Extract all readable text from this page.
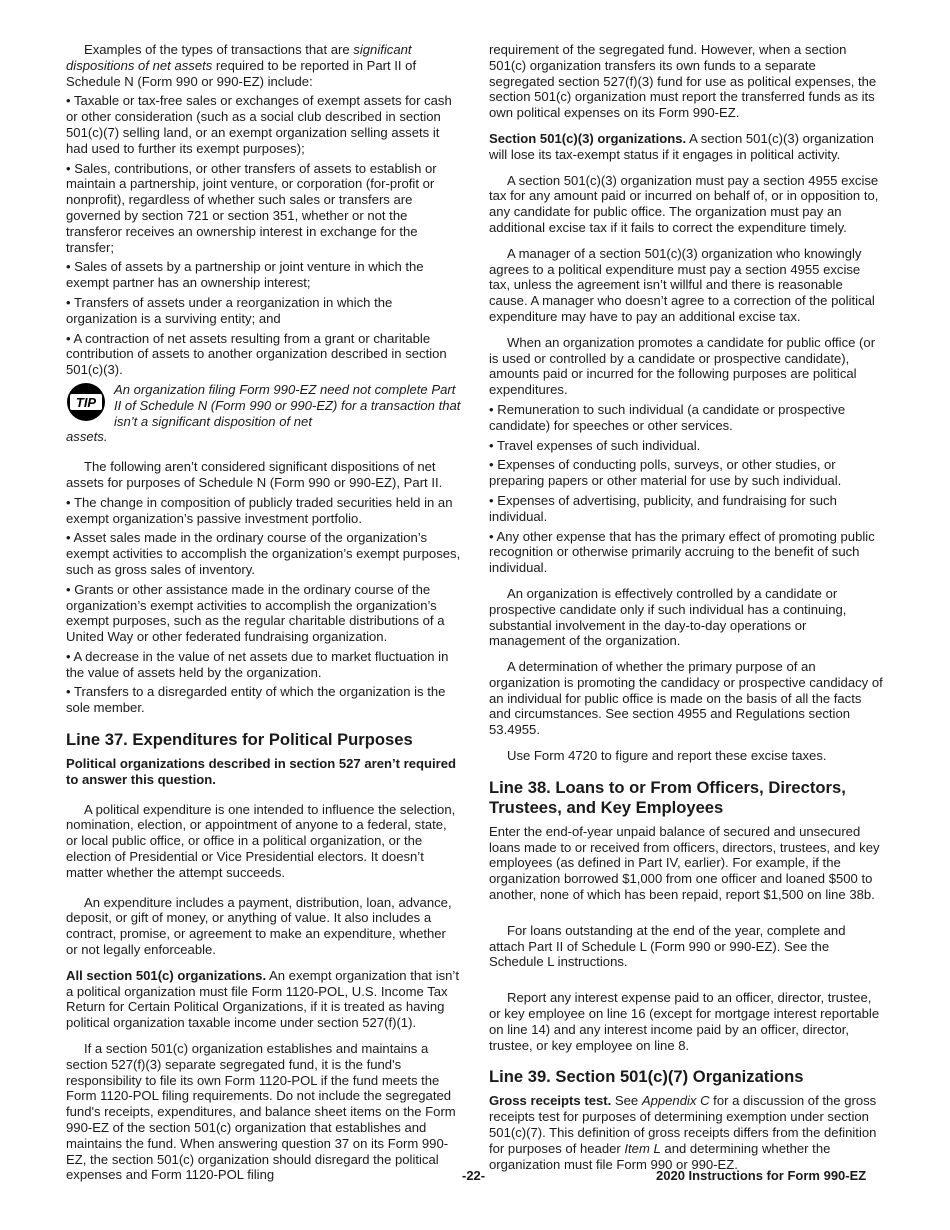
Examples of the types of transactions that are significant dispositions of net assets required to be reported in Part II of Schedule N (Form 990 or 990-EZ) include:

• Taxable or tax-free sales or exchanges of exempt assets for cash or other consideration (such as a social club described in section 501(c)(7) selling land, or an exempt organization selling assets it had used to further its exempt purposes);

• Sales, contributions, or other transfers of assets to establish or maintain a partnership, joint venture, or corporation (for-profit or nonprofit), regardless of whether such sales or transfers are governed by section 721 or section 351, whether or not the transferor receives an ownership interest in exchange for the transfer;

• Sales of assets by a partnership or joint venture in which the exempt partner has an ownership interest;

• Transfers of assets under a reorganization in which the organization is a surviving entity; and

• A contraction of net assets resulting from a grant or charitable contribution of assets to another organization described in section 501(c)(3).

TIP
An organization filing Form 990-EZ need not complete Part II of Schedule N (Form 990 or 990-EZ) for a transaction that isn’t a significant disposition of net
assets.

The following aren’t considered significant dispositions of net assets for purposes of Schedule N (Form 990 or 990-EZ), Part II.

• The change in composition of publicly traded securities held in an exempt organization’s passive investment portfolio.

• Asset sales made in the ordinary course of the organization’s exempt activities to accomplish the organization’s exempt purposes, such as gross sales of inventory.

• Grants or other assistance made in the ordinary course of the organization’s exempt activities to accomplish the organization’s exempt purposes, such as the regular charitable distributions of a United Way or other federated fundraising organization.

• A decrease in the value of net assets due to market fluctuation in the value of assets held by the organization.

• Transfers to a disregarded entity of which the organization is the sole member.

Line 37. Expenditures for Political Purposes

Political organizations described in section 527 aren’t required to answer this question.

A political expenditure is one intended to influence the selection, nomination, election, or appointment of anyone to a federal, state, or local public office, or office in a political organization, or the election of Presidential or Vice Presidential electors. It doesn’t matter whether the attempt succeeds.

An expenditure includes a payment, distribution, loan, advance, deposit, or gift of money, or anything of value. It also includes a contract, promise, or agreement to make an expenditure, whether or not legally enforceable.

All section 501(c) organizations. An exempt organization that isn’t a political organization must file Form 1120-POL, U.S. Income Tax Return for Certain Political Organizations, if it is treated as having political organization taxable income under section 527(f)(1).

If a section 501(c) organization establishes and maintains a section 527(f)(3) separate segregated fund, it is the fund's responsibility to file its own Form 1120-POL if the fund meets the Form 1120-POL filing requirements. Do not include the segregated fund's receipts, expenditures, and balance sheet items on the Form 990-EZ of the section 501(c) organization that establishes and maintains the fund. When answering question 37 on its Form 990-EZ, the section 501(c) organization should disregard the political expenses and Form 1120-POL filing

requirement of the segregated fund. However, when a section 501(c) organization transfers its own funds to a separate segregated section 527(f)(3) fund for use as political expenses, the section 501(c) organization must report the transferred funds as its own political expenses on its Form 990-EZ.

Section 501(c)(3) organizations. A section 501(c)(3) organization will lose its tax-exempt status if it engages in political activity.

A section 501(c)(3) organization must pay a section 4955 excise tax for any amount paid or incurred on behalf of, or in opposition to, any candidate for public office. The organization must pay an additional excise tax if it fails to correct the expenditure timely.

A manager of a section 501(c)(3) organization who knowingly agrees to a political expenditure must pay a section 4955 excise tax, unless the agreement isn’t willful and there is reasonable cause. A manager who doesn’t agree to a correction of the political expenditure may have to pay an additional excise tax.

When an organization promotes a candidate for public office (or is used or controlled by a candidate or prospective candidate), amounts paid or incurred for the following purposes are political expenditures.

• Remuneration to such individual (a candidate or prospective candidate) for speeches or other services.

• Travel expenses of such individual.

• Expenses of conducting polls, surveys, or other studies, or preparing papers or other material for use by such individual.

• Expenses of advertising, publicity, and fundraising for such individual.

• Any other expense that has the primary effect of promoting public recognition or otherwise primarily accruing to the benefit of such individual.

An organization is effectively controlled by a candidate or prospective candidate only if such individual has a continuing, substantial involvement in the day-to-day operations or management of the organization.

A determination of whether the primary purpose of an organization is promoting the candidacy or prospective candidacy of an individual for public office is made on the basis of all the facts and circumstances. See section 4955 and Regulations section 53.4955.

Use Form 4720 to figure and report these excise taxes.

Line 38. Loans to or From Officers, Directors, Trustees, and Key Employees

Enter the end-of-year unpaid balance of secured and unsecured loans made to or received from officers, directors, trustees, and key employees (as defined in Part IV, earlier). For example, if the organization borrowed $1,000 from one officer and loaned $500 to another, none of which has been repaid, report $1,500 on line 38b.

For loans outstanding at the end of the year, complete and attach Part II of Schedule L (Form 990 or 990-EZ). See the Schedule L instructions.

Report any interest expense paid to an officer, director, trustee, or key employee on line 16 (except for mortgage interest reportable on line 14) and any interest income paid by an officer, director, trustee, or key employee on line 8.

Line 39. Section 501(c)(7) Organizations

Gross receipts test. See Appendix C for a discussion of the gross receipts test for purposes of determining exemption under section 501(c)(7). This definition of gross receipts differs from the definition for purposes of header Item L and determining whether the organization must file Form 990 or 990-EZ.

-22-	2020 Instructions for Form 990-EZ
